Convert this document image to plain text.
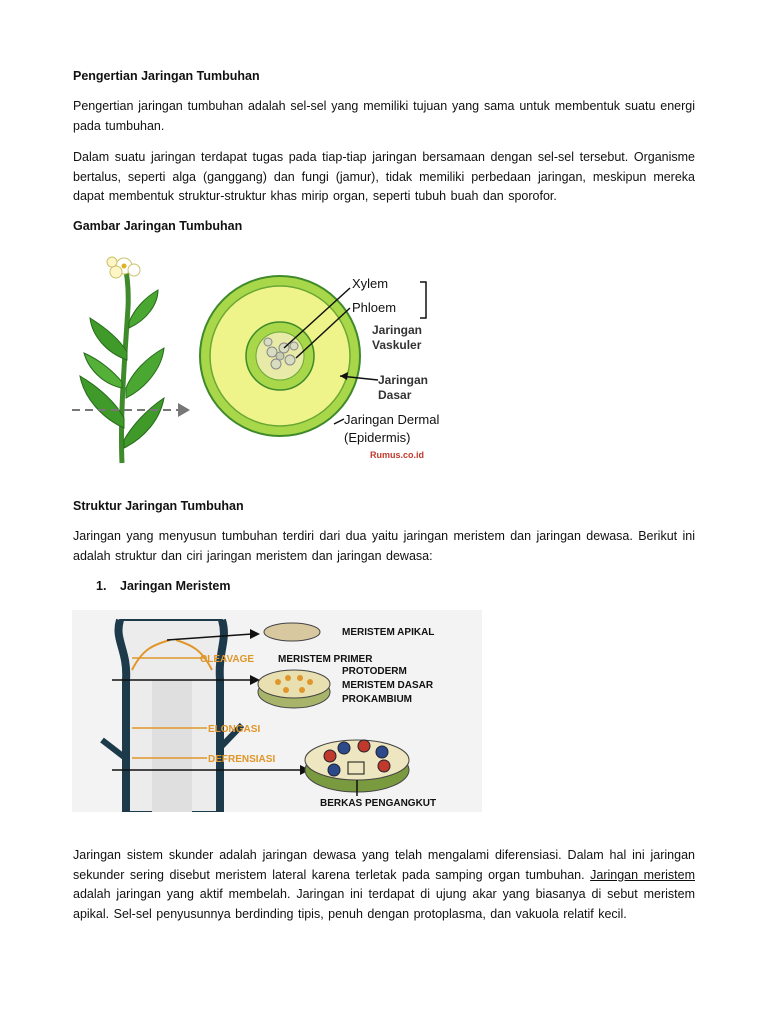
Pengertian Jaringan Tumbuhan
Pengertian jaringan tumbuhan adalah sel-sel yang memiliki tujuan yang sama untuk membentuk suatu energi pada tumbuhan.
Dalam suatu jaringan terdapat tugas pada tiap-tiap jaringan bersamaan dengan sel-sel tersebut. Organisme bertalus, seperti alga (ganggang) dan fungi (jamur), tidak memiliki perbedaan jaringan, meskipun mereka dapat membentuk struktur-struktur khas mirip organ, seperti tubuh buah dan sporofor.
Gambar Jaringan Tumbuhan
Xylem
Phloem
Jaringan
Vaskuler
Jaringan
Dasar
Jaringan Dermal
(Epidermis)
Rumus.co.id
Struktur Jaringan Tumbuhan
Jaringan yang menyusun tumbuhan terdiri dari dua yaitu jaringan meristem dan jaringan dewasa. Berikut ini adalah struktur dan ciri jaringan meristem dan jaringan dewasa:
1. Jaringan Meristem
MERISTEM APIKAL
CLEAVAGE MERISTEM PRIMER
PROTODERM
MERISTEM DASAR
PROKAMBIUM
ELONGASI
DEFRENSIASI
BERKAS PENGANGKUT
Jaringan sistem skunder adalah jaringan dewasa yang telah mengalami diferensiasi. Dalam hal ini jaringan sekunder sering disebut meristem lateral karena terletak pada samping organ tumbuhan. Jaringan meristem adalah jaringan yang aktif membelah. Jaringan ini terdapat di ujung akar yang biasanya di sebut meristem apikal. Sel-sel penyusunnya berdinding tipis, penuh dengan protoplasma, dan vakuola relatif kecil.
